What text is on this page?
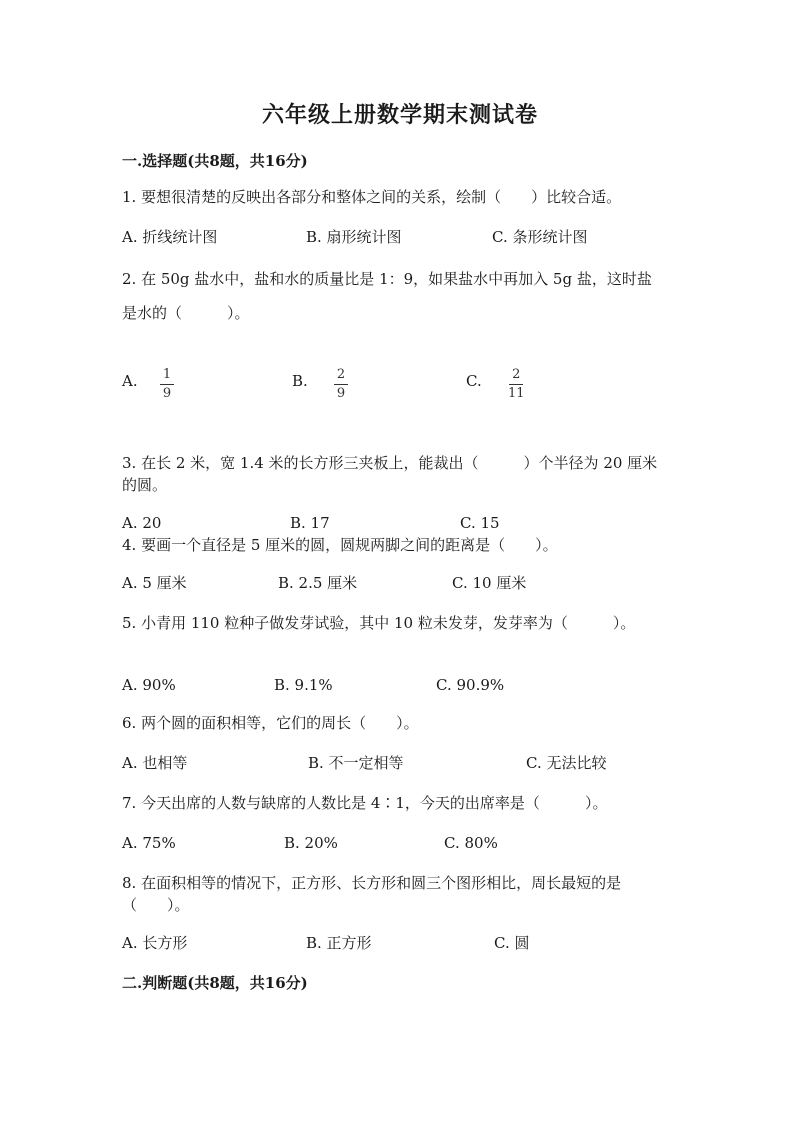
六年级上册数学期末测试卷
一.选择题(共8题，共16分)
1. 要想很清楚的反映出各部分和整体之间的关系，绘制（　　）比较合适。
A. 折线统计图	B. 扇形统计图	C. 条形统计图
2. 在 50g 盐水中，盐和水的质量比是 1：9，如果盐水中再加入 5g 盐，这时盐
是水的（　　　）。
A. 1
9
B. 2
9
C. 2
11
3. 在长 2 米，宽 1.4 米的长方形三夹板上，能裁出（　　　）个半径为 20 厘米
的圆。
A. 20	B. 17	C. 15
4. 要画一个直径是 5 厘米的圆，圆规两脚之间的距离是（　　）。
A. 5 厘米	B. 2.5 厘米	C. 10 厘米
5. 小青用 110 粒种子做发芽试验，其中 10 粒未发芽，发芽率为（　　　）。
A. 90%	B. 9.1%	C. 90.9%
6. 两个圆的面积相等，它们的周长（　　）。
A. 也相等	B. 不一定相等	C. 无法比较
7. 今天出席的人数与缺席的人数比是 4∶1，今天的出席率是（　　　）。
A. 75%	B. 20%	C. 80%
8. 在面积相等的情况下，正方形、长方形和圆三个图形相比，周长最短的是
（　　）。
A. 长方形	B. 正方形	C. 圆
二.判断题(共8题，共16分)
